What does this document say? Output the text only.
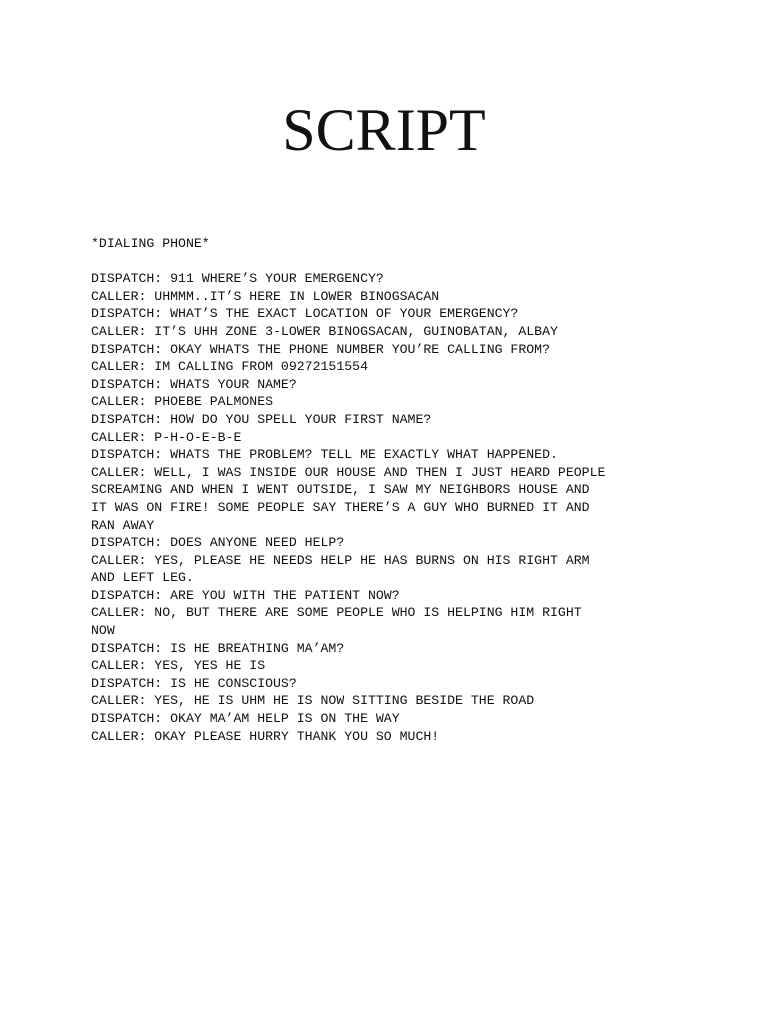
SCRIPT
*DIALING PHONE*
DISPATCH: 911 WHERE’S YOUR EMERGENCY?
CALLER: UHMMM..IT’S HERE IN LOWER BINOGSACAN
DISPATCH: WHAT’S THE EXACT LOCATION OF YOUR EMERGENCY?
CALLER: IT’S UHH ZONE 3-LOWER BINOGSACAN, GUINOBATAN, ALBAY
DISPATCH: OKAY WHATS THE PHONE NUMBER YOU’RE CALLING FROM?
CALLER: IM CALLING FROM 09272151554
DISPATCH: WHATS YOUR NAME?
CALLER: PHOEBE PALMONES
DISPATCH: HOW DO YOU SPELL YOUR FIRST NAME?
CALLER: P-H-O-E-B-E
DISPATCH: WHATS THE PROBLEM? TELL ME EXACTLY WHAT HAPPENED.
CALLER: WELL, I WAS INSIDE OUR HOUSE AND THEN I JUST HEARD PEOPLE
SCREAMING AND WHEN I WENT OUTSIDE, I SAW MY NEIGHBORS HOUSE AND
IT WAS ON FIRE! SOME PEOPLE SAY THERE’S A GUY WHO BURNED IT AND
RAN AWAY
DISPATCH: DOES ANYONE NEED HELP?
CALLER: YES, PLEASE HE NEEDS HELP HE HAS BURNS ON HIS RIGHT ARM
AND LEFT LEG.
DISPATCH: ARE YOU WITH THE PATIENT NOW?
CALLER: NO, BUT THERE ARE SOME PEOPLE WHO IS HELPING HIM RIGHT
NOW
DISPATCH: IS HE BREATHING MA’AM?
CALLER: YES, YES HE IS
DISPATCH: IS HE CONSCIOUS?
CALLER: YES, HE IS UHM HE IS NOW SITTING BESIDE THE ROAD
DISPATCH: OKAY MA’AM HELP IS ON THE WAY
CALLER: OKAY PLEASE HURRY THANK YOU SO MUCH!
